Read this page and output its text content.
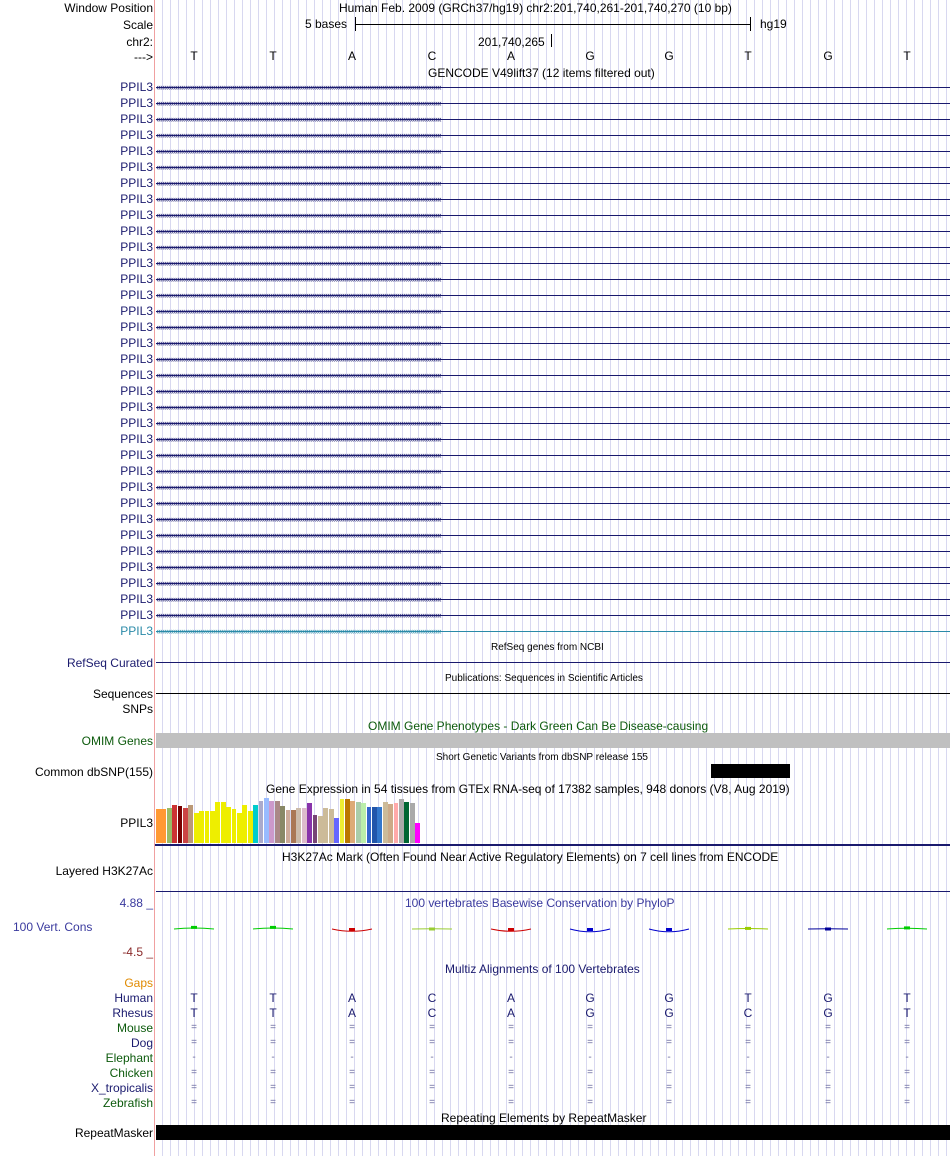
Window Position	Human Feb. 2009 (GRCh37/hg19) chr2:201,740,261-201,740,270 (10 bp)
Scale	5 bases	hg19
chr2:	201,740,265
--->	T	T	A	C	A	G	G	T	G	T
GENCODE V49lift37 (12 items filtered out)
PPIL3 ‹‹‹‹‹‹‹‹‹‹‹‹‹‹‹‹‹‹‹‹‹‹‹‹‹‹‹‹‹‹‹‹‹‹‹‹‹‹‹‹‹‹‹‹‹‹‹‹‹‹‹‹‹‹‹‹‹‹‹‹‹‹‹‹‹‹‹‹‹‹‹‹‹‹‹‹‹‹‹‹‹‹‹‹‹‹‹‹‹‹‹‹‹‹‹‹‹‹‹‹‹‹‹‹‹‹‹‹‹‹‹‹‹‹‹‹‹‹‹‹‹‹‹‹‹‹‹‹‹‹‹‹‹‹‹‹‹‹‹‹‹‹‹‹‹‹‹‹‹‹
PPIL3 ‹‹‹‹‹‹‹‹‹‹‹‹‹‹‹‹‹‹‹‹‹‹‹‹‹‹‹‹‹‹‹‹‹‹‹‹‹‹‹‹‹‹‹‹‹‹‹‹‹‹‹‹‹‹‹‹‹‹‹‹‹‹‹‹‹‹‹‹‹‹‹‹‹‹‹‹‹‹‹‹‹‹‹‹‹‹‹‹‹‹‹‹‹‹‹‹‹‹‹‹‹‹‹‹‹‹‹‹‹‹‹‹‹‹‹‹‹‹‹‹‹‹‹‹‹‹‹‹‹‹‹‹‹‹‹‹‹‹‹‹‹‹‹‹‹‹‹‹‹‹
PPIL3 ‹‹‹‹‹‹‹‹‹‹‹‹‹‹‹‹‹‹‹‹‹‹‹‹‹‹‹‹‹‹‹‹‹‹‹‹‹‹‹‹‹‹‹‹‹‹‹‹‹‹‹‹‹‹‹‹‹‹‹‹‹‹‹‹‹‹‹‹‹‹‹‹‹‹‹‹‹‹‹‹‹‹‹‹‹‹‹‹‹‹‹‹‹‹‹‹‹‹‹‹‹‹‹‹‹‹‹‹‹‹‹‹‹‹‹‹‹‹‹‹‹‹‹‹‹‹‹‹‹‹‹‹‹‹‹‹‹‹‹‹‹‹‹‹‹‹‹‹‹‹
PPIL3 ‹‹‹‹‹‹‹‹‹‹‹‹‹‹‹‹‹‹‹‹‹‹‹‹‹‹‹‹‹‹‹‹‹‹‹‹‹‹‹‹‹‹‹‹‹‹‹‹‹‹‹‹‹‹‹‹‹‹‹‹‹‹‹‹‹‹‹‹‹‹‹‹‹‹‹‹‹‹‹‹‹‹‹‹‹‹‹‹‹‹‹‹‹‹‹‹‹‹‹‹‹‹‹‹‹‹‹‹‹‹‹‹‹‹‹‹‹‹‹‹‹‹‹‹‹‹‹‹‹‹‹‹‹‹‹‹‹‹‹‹‹‹‹‹‹‹‹‹‹‹
PPIL3 ‹‹‹‹‹‹‹‹‹‹‹‹‹‹‹‹‹‹‹‹‹‹‹‹‹‹‹‹‹‹‹‹‹‹‹‹‹‹‹‹‹‹‹‹‹‹‹‹‹‹‹‹‹‹‹‹‹‹‹‹‹‹‹‹‹‹‹‹‹‹‹‹‹‹‹‹‹‹‹‹‹‹‹‹‹‹‹‹‹‹‹‹‹‹‹‹‹‹‹‹‹‹‹‹‹‹‹‹‹‹‹‹‹‹‹‹‹‹‹‹‹‹‹‹‹‹‹‹‹‹‹‹‹‹‹‹‹‹‹‹‹‹‹‹‹‹‹‹‹‹
PPIL3 ‹‹‹‹‹‹‹‹‹‹‹‹‹‹‹‹‹‹‹‹‹‹‹‹‹‹‹‹‹‹‹‹‹‹‹‹‹‹‹‹‹‹‹‹‹‹‹‹‹‹‹‹‹‹‹‹‹‹‹‹‹‹‹‹‹‹‹‹‹‹‹‹‹‹‹‹‹‹‹‹‹‹‹‹‹‹‹‹‹‹‹‹‹‹‹‹‹‹‹‹‹‹‹‹‹‹‹‹‹‹‹‹‹‹‹‹‹‹‹‹‹‹‹‹‹‹‹‹‹‹‹‹‹‹‹‹‹‹‹‹‹‹‹‹‹‹‹‹‹‹
PPIL3 ‹‹‹‹‹‹‹‹‹‹‹‹‹‹‹‹‹‹‹‹‹‹‹‹‹‹‹‹‹‹‹‹‹‹‹‹‹‹‹‹‹‹‹‹‹‹‹‹‹‹‹‹‹‹‹‹‹‹‹‹‹‹‹‹‹‹‹‹‹‹‹‹‹‹‹‹‹‹‹‹‹‹‹‹‹‹‹‹‹‹‹‹‹‹‹‹‹‹‹‹‹‹‹‹‹‹‹‹‹‹‹‹‹‹‹‹‹‹‹‹‹‹‹‹‹‹‹‹‹‹‹‹‹‹‹‹‹‹‹‹‹‹‹‹‹‹‹‹‹‹
PPIL3 ‹‹‹‹‹‹‹‹‹‹‹‹‹‹‹‹‹‹‹‹‹‹‹‹‹‹‹‹‹‹‹‹‹‹‹‹‹‹‹‹‹‹‹‹‹‹‹‹‹‹‹‹‹‹‹‹‹‹‹‹‹‹‹‹‹‹‹‹‹‹‹‹‹‹‹‹‹‹‹‹‹‹‹‹‹‹‹‹‹‹‹‹‹‹‹‹‹‹‹‹‹‹‹‹‹‹‹‹‹‹‹‹‹‹‹‹‹‹‹‹‹‹‹‹‹‹‹‹‹‹‹‹‹‹‹‹‹‹‹‹‹‹‹‹‹‹‹‹‹‹
PPIL3 ‹‹‹‹‹‹‹‹‹‹‹‹‹‹‹‹‹‹‹‹‹‹‹‹‹‹‹‹‹‹‹‹‹‹‹‹‹‹‹‹‹‹‹‹‹‹‹‹‹‹‹‹‹‹‹‹‹‹‹‹‹‹‹‹‹‹‹‹‹‹‹‹‹‹‹‹‹‹‹‹‹‹‹‹‹‹‹‹‹‹‹‹‹‹‹‹‹‹‹‹‹‹‹‹‹‹‹‹‹‹‹‹‹‹‹‹‹‹‹‹‹‹‹‹‹‹‹‹‹‹‹‹‹‹‹‹‹‹‹‹‹‹‹‹‹‹‹‹‹‹
PPIL3 ‹‹‹‹‹‹‹‹‹‹‹‹‹‹‹‹‹‹‹‹‹‹‹‹‹‹‹‹‹‹‹‹‹‹‹‹‹‹‹‹‹‹‹‹‹‹‹‹‹‹‹‹‹‹‹‹‹‹‹‹‹‹‹‹‹‹‹‹‹‹‹‹‹‹‹‹‹‹‹‹‹‹‹‹‹‹‹‹‹‹‹‹‹‹‹‹‹‹‹‹‹‹‹‹‹‹‹‹‹‹‹‹‹‹‹‹‹‹‹‹‹‹‹‹‹‹‹‹‹‹‹‹‹‹‹‹‹‹‹‹‹‹‹‹‹‹‹‹‹‹
PPIL3 ‹‹‹‹‹‹‹‹‹‹‹‹‹‹‹‹‹‹‹‹‹‹‹‹‹‹‹‹‹‹‹‹‹‹‹‹‹‹‹‹‹‹‹‹‹‹‹‹‹‹‹‹‹‹‹‹‹‹‹‹‹‹‹‹‹‹‹‹‹‹‹‹‹‹‹‹‹‹‹‹‹‹‹‹‹‹‹‹‹‹‹‹‹‹‹‹‹‹‹‹‹‹‹‹‹‹‹‹‹‹‹‹‹‹‹‹‹‹‹‹‹‹‹‹‹‹‹‹‹‹‹‹‹‹‹‹‹‹‹‹‹‹‹‹‹‹‹‹‹‹
PPIL3 ‹‹‹‹‹‹‹‹‹‹‹‹‹‹‹‹‹‹‹‹‹‹‹‹‹‹‹‹‹‹‹‹‹‹‹‹‹‹‹‹‹‹‹‹‹‹‹‹‹‹‹‹‹‹‹‹‹‹‹‹‹‹‹‹‹‹‹‹‹‹‹‹‹‹‹‹‹‹‹‹‹‹‹‹‹‹‹‹‹‹‹‹‹‹‹‹‹‹‹‹‹‹‹‹‹‹‹‹‹‹‹‹‹‹‹‹‹‹‹‹‹‹‹‹‹‹‹‹‹‹‹‹‹‹‹‹‹‹‹‹‹‹‹‹‹‹‹‹‹‹
PPIL3 ‹‹‹‹‹‹‹‹‹‹‹‹‹‹‹‹‹‹‹‹‹‹‹‹‹‹‹‹‹‹‹‹‹‹‹‹‹‹‹‹‹‹‹‹‹‹‹‹‹‹‹‹‹‹‹‹‹‹‹‹‹‹‹‹‹‹‹‹‹‹‹‹‹‹‹‹‹‹‹‹‹‹‹‹‹‹‹‹‹‹‹‹‹‹‹‹‹‹‹‹‹‹‹‹‹‹‹‹‹‹‹‹‹‹‹‹‹‹‹‹‹‹‹‹‹‹‹‹‹‹‹‹‹‹‹‹‹‹‹‹‹‹‹‹‹‹‹‹‹‹
PPIL3 ‹‹‹‹‹‹‹‹‹‹‹‹‹‹‹‹‹‹‹‹‹‹‹‹‹‹‹‹‹‹‹‹‹‹‹‹‹‹‹‹‹‹‹‹‹‹‹‹‹‹‹‹‹‹‹‹‹‹‹‹‹‹‹‹‹‹‹‹‹‹‹‹‹‹‹‹‹‹‹‹‹‹‹‹‹‹‹‹‹‹‹‹‹‹‹‹‹‹‹‹‹‹‹‹‹‹‹‹‹‹‹‹‹‹‹‹‹‹‹‹‹‹‹‹‹‹‹‹‹‹‹‹‹‹‹‹‹‹‹‹‹‹‹‹‹‹‹‹‹‹
PPIL3 ‹‹‹‹‹‹‹‹‹‹‹‹‹‹‹‹‹‹‹‹‹‹‹‹‹‹‹‹‹‹‹‹‹‹‹‹‹‹‹‹‹‹‹‹‹‹‹‹‹‹‹‹‹‹‹‹‹‹‹‹‹‹‹‹‹‹‹‹‹‹‹‹‹‹‹‹‹‹‹‹‹‹‹‹‹‹‹‹‹‹‹‹‹‹‹‹‹‹‹‹‹‹‹‹‹‹‹‹‹‹‹‹‹‹‹‹‹‹‹‹‹‹‹‹‹‹‹‹‹‹‹‹‹‹‹‹‹‹‹‹‹‹‹‹‹‹‹‹‹‹
PPIL3 ‹‹‹‹‹‹‹‹‹‹‹‹‹‹‹‹‹‹‹‹‹‹‹‹‹‹‹‹‹‹‹‹‹‹‹‹‹‹‹‹‹‹‹‹‹‹‹‹‹‹‹‹‹‹‹‹‹‹‹‹‹‹‹‹‹‹‹‹‹‹‹‹‹‹‹‹‹‹‹‹‹‹‹‹‹‹‹‹‹‹‹‹‹‹‹‹‹‹‹‹‹‹‹‹‹‹‹‹‹‹‹‹‹‹‹‹‹‹‹‹‹‹‹‹‹‹‹‹‹‹‹‹‹‹‹‹‹‹‹‹‹‹‹‹‹‹‹‹‹‹
PPIL3 ‹‹‹‹‹‹‹‹‹‹‹‹‹‹‹‹‹‹‹‹‹‹‹‹‹‹‹‹‹‹‹‹‹‹‹‹‹‹‹‹‹‹‹‹‹‹‹‹‹‹‹‹‹‹‹‹‹‹‹‹‹‹‹‹‹‹‹‹‹‹‹‹‹‹‹‹‹‹‹‹‹‹‹‹‹‹‹‹‹‹‹‹‹‹‹‹‹‹‹‹‹‹‹‹‹‹‹‹‹‹‹‹‹‹‹‹‹‹‹‹‹‹‹‹‹‹‹‹‹‹‹‹‹‹‹‹‹‹‹‹‹‹‹‹‹‹‹‹‹‹
PPIL3 ‹‹‹‹‹‹‹‹‹‹‹‹‹‹‹‹‹‹‹‹‹‹‹‹‹‹‹‹‹‹‹‹‹‹‹‹‹‹‹‹‹‹‹‹‹‹‹‹‹‹‹‹‹‹‹‹‹‹‹‹‹‹‹‹‹‹‹‹‹‹‹‹‹‹‹‹‹‹‹‹‹‹‹‹‹‹‹‹‹‹‹‹‹‹‹‹‹‹‹‹‹‹‹‹‹‹‹‹‹‹‹‹‹‹‹‹‹‹‹‹‹‹‹‹‹‹‹‹‹‹‹‹‹‹‹‹‹‹‹‹‹‹‹‹‹‹‹‹‹‹
PPIL3 ‹‹‹‹‹‹‹‹‹‹‹‹‹‹‹‹‹‹‹‹‹‹‹‹‹‹‹‹‹‹‹‹‹‹‹‹‹‹‹‹‹‹‹‹‹‹‹‹‹‹‹‹‹‹‹‹‹‹‹‹‹‹‹‹‹‹‹‹‹‹‹‹‹‹‹‹‹‹‹‹‹‹‹‹‹‹‹‹‹‹‹‹‹‹‹‹‹‹‹‹‹‹‹‹‹‹‹‹‹‹‹‹‹‹‹‹‹‹‹‹‹‹‹‹‹‹‹‹‹‹‹‹‹‹‹‹‹‹‹‹‹‹‹‹‹‹‹‹‹‹
PPIL3 ‹‹‹‹‹‹‹‹‹‹‹‹‹‹‹‹‹‹‹‹‹‹‹‹‹‹‹‹‹‹‹‹‹‹‹‹‹‹‹‹‹‹‹‹‹‹‹‹‹‹‹‹‹‹‹‹‹‹‹‹‹‹‹‹‹‹‹‹‹‹‹‹‹‹‹‹‹‹‹‹‹‹‹‹‹‹‹‹‹‹‹‹‹‹‹‹‹‹‹‹‹‹‹‹‹‹‹‹‹‹‹‹‹‹‹‹‹‹‹‹‹‹‹‹‹‹‹‹‹‹‹‹‹‹‹‹‹‹‹‹‹‹‹‹‹‹‹‹‹‹
PPIL3 ‹‹‹‹‹‹‹‹‹‹‹‹‹‹‹‹‹‹‹‹‹‹‹‹‹‹‹‹‹‹‹‹‹‹‹‹‹‹‹‹‹‹‹‹‹‹‹‹‹‹‹‹‹‹‹‹‹‹‹‹‹‹‹‹‹‹‹‹‹‹‹‹‹‹‹‹‹‹‹‹‹‹‹‹‹‹‹‹‹‹‹‹‹‹‹‹‹‹‹‹‹‹‹‹‹‹‹‹‹‹‹‹‹‹‹‹‹‹‹‹‹‹‹‹‹‹‹‹‹‹‹‹‹‹‹‹‹‹‹‹‹‹‹‹‹‹‹‹‹‹
PPIL3 ‹‹‹‹‹‹‹‹‹‹‹‹‹‹‹‹‹‹‹‹‹‹‹‹‹‹‹‹‹‹‹‹‹‹‹‹‹‹‹‹‹‹‹‹‹‹‹‹‹‹‹‹‹‹‹‹‹‹‹‹‹‹‹‹‹‹‹‹‹‹‹‹‹‹‹‹‹‹‹‹‹‹‹‹‹‹‹‹‹‹‹‹‹‹‹‹‹‹‹‹‹‹‹‹‹‹‹‹‹‹‹‹‹‹‹‹‹‹‹‹‹‹‹‹‹‹‹‹‹‹‹‹‹‹‹‹‹‹‹‹‹‹‹‹‹‹‹‹‹‹
PPIL3 ‹‹‹‹‹‹‹‹‹‹‹‹‹‹‹‹‹‹‹‹‹‹‹‹‹‹‹‹‹‹‹‹‹‹‹‹‹‹‹‹‹‹‹‹‹‹‹‹‹‹‹‹‹‹‹‹‹‹‹‹‹‹‹‹‹‹‹‹‹‹‹‹‹‹‹‹‹‹‹‹‹‹‹‹‹‹‹‹‹‹‹‹‹‹‹‹‹‹‹‹‹‹‹‹‹‹‹‹‹‹‹‹‹‹‹‹‹‹‹‹‹‹‹‹‹‹‹‹‹‹‹‹‹‹‹‹‹‹‹‹‹‹‹‹‹‹‹‹‹‹
PPIL3 ‹‹‹‹‹‹‹‹‹‹‹‹‹‹‹‹‹‹‹‹‹‹‹‹‹‹‹‹‹‹‹‹‹‹‹‹‹‹‹‹‹‹‹‹‹‹‹‹‹‹‹‹‹‹‹‹‹‹‹‹‹‹‹‹‹‹‹‹‹‹‹‹‹‹‹‹‹‹‹‹‹‹‹‹‹‹‹‹‹‹‹‹‹‹‹‹‹‹‹‹‹‹‹‹‹‹‹‹‹‹‹‹‹‹‹‹‹‹‹‹‹‹‹‹‹‹‹‹‹‹‹‹‹‹‹‹‹‹‹‹‹‹‹‹‹‹‹‹‹‹
PPIL3 ‹‹‹‹‹‹‹‹‹‹‹‹‹‹‹‹‹‹‹‹‹‹‹‹‹‹‹‹‹‹‹‹‹‹‹‹‹‹‹‹‹‹‹‹‹‹‹‹‹‹‹‹‹‹‹‹‹‹‹‹‹‹‹‹‹‹‹‹‹‹‹‹‹‹‹‹‹‹‹‹‹‹‹‹‹‹‹‹‹‹‹‹‹‹‹‹‹‹‹‹‹‹‹‹‹‹‹‹‹‹‹‹‹‹‹‹‹‹‹‹‹‹‹‹‹‹‹‹‹‹‹‹‹‹‹‹‹‹‹‹‹‹‹‹‹‹‹‹‹‹
PPIL3 ‹‹‹‹‹‹‹‹‹‹‹‹‹‹‹‹‹‹‹‹‹‹‹‹‹‹‹‹‹‹‹‹‹‹‹‹‹‹‹‹‹‹‹‹‹‹‹‹‹‹‹‹‹‹‹‹‹‹‹‹‹‹‹‹‹‹‹‹‹‹‹‹‹‹‹‹‹‹‹‹‹‹‹‹‹‹‹‹‹‹‹‹‹‹‹‹‹‹‹‹‹‹‹‹‹‹‹‹‹‹‹‹‹‹‹‹‹‹‹‹‹‹‹‹‹‹‹‹‹‹‹‹‹‹‹‹‹‹‹‹‹‹‹‹‹‹‹‹‹‹
PPIL3 ‹‹‹‹‹‹‹‹‹‹‹‹‹‹‹‹‹‹‹‹‹‹‹‹‹‹‹‹‹‹‹‹‹‹‹‹‹‹‹‹‹‹‹‹‹‹‹‹‹‹‹‹‹‹‹‹‹‹‹‹‹‹‹‹‹‹‹‹‹‹‹‹‹‹‹‹‹‹‹‹‹‹‹‹‹‹‹‹‹‹‹‹‹‹‹‹‹‹‹‹‹‹‹‹‹‹‹‹‹‹‹‹‹‹‹‹‹‹‹‹‹‹‹‹‹‹‹‹‹‹‹‹‹‹‹‹‹‹‹‹‹‹‹‹‹‹‹‹‹‹
PPIL3 ‹‹‹‹‹‹‹‹‹‹‹‹‹‹‹‹‹‹‹‹‹‹‹‹‹‹‹‹‹‹‹‹‹‹‹‹‹‹‹‹‹‹‹‹‹‹‹‹‹‹‹‹‹‹‹‹‹‹‹‹‹‹‹‹‹‹‹‹‹‹‹‹‹‹‹‹‹‹‹‹‹‹‹‹‹‹‹‹‹‹‹‹‹‹‹‹‹‹‹‹‹‹‹‹‹‹‹‹‹‹‹‹‹‹‹‹‹‹‹‹‹‹‹‹‹‹‹‹‹‹‹‹‹‹‹‹‹‹‹‹‹‹‹‹‹‹‹‹‹‹
PPIL3 ‹‹‹‹‹‹‹‹‹‹‹‹‹‹‹‹‹‹‹‹‹‹‹‹‹‹‹‹‹‹‹‹‹‹‹‹‹‹‹‹‹‹‹‹‹‹‹‹‹‹‹‹‹‹‹‹‹‹‹‹‹‹‹‹‹‹‹‹‹‹‹‹‹‹‹‹‹‹‹‹‹‹‹‹‹‹‹‹‹‹‹‹‹‹‹‹‹‹‹‹‹‹‹‹‹‹‹‹‹‹‹‹‹‹‹‹‹‹‹‹‹‹‹‹‹‹‹‹‹‹‹‹‹‹‹‹‹‹‹‹‹‹‹‹‹‹‹‹‹‹
PPIL3 ‹‹‹‹‹‹‹‹‹‹‹‹‹‹‹‹‹‹‹‹‹‹‹‹‹‹‹‹‹‹‹‹‹‹‹‹‹‹‹‹‹‹‹‹‹‹‹‹‹‹‹‹‹‹‹‹‹‹‹‹‹‹‹‹‹‹‹‹‹‹‹‹‹‹‹‹‹‹‹‹‹‹‹‹‹‹‹‹‹‹‹‹‹‹‹‹‹‹‹‹‹‹‹‹‹‹‹‹‹‹‹‹‹‹‹‹‹‹‹‹‹‹‹‹‹‹‹‹‹‹‹‹‹‹‹‹‹‹‹‹‹‹‹‹‹‹‹‹‹‹
PPIL3 ‹‹‹‹‹‹‹‹‹‹‹‹‹‹‹‹‹‹‹‹‹‹‹‹‹‹‹‹‹‹‹‹‹‹‹‹‹‹‹‹‹‹‹‹‹‹‹‹‹‹‹‹‹‹‹‹‹‹‹‹‹‹‹‹‹‹‹‹‹‹‹‹‹‹‹‹‹‹‹‹‹‹‹‹‹‹‹‹‹‹‹‹‹‹‹‹‹‹‹‹‹‹‹‹‹‹‹‹‹‹‹‹‹‹‹‹‹‹‹‹‹‹‹‹‹‹‹‹‹‹‹‹‹‹‹‹‹‹‹‹‹‹‹‹‹‹‹‹‹‹
PPIL3 ‹‹‹‹‹‹‹‹‹‹‹‹‹‹‹‹‹‹‹‹‹‹‹‹‹‹‹‹‹‹‹‹‹‹‹‹‹‹‹‹‹‹‹‹‹‹‹‹‹‹‹‹‹‹‹‹‹‹‹‹‹‹‹‹‹‹‹‹‹‹‹‹‹‹‹‹‹‹‹‹‹‹‹‹‹‹‹‹‹‹‹‹‹‹‹‹‹‹‹‹‹‹‹‹‹‹‹‹‹‹‹‹‹‹‹‹‹‹‹‹‹‹‹‹‹‹‹‹‹‹‹‹‹‹‹‹‹‹‹‹‹‹‹‹‹‹‹‹‹‹
PPIL3 ‹‹‹‹‹‹‹‹‹‹‹‹‹‹‹‹‹‹‹‹‹‹‹‹‹‹‹‹‹‹‹‹‹‹‹‹‹‹‹‹‹‹‹‹‹‹‹‹‹‹‹‹‹‹‹‹‹‹‹‹‹‹‹‹‹‹‹‹‹‹‹‹‹‹‹‹‹‹‹‹‹‹‹‹‹‹‹‹‹‹‹‹‹‹‹‹‹‹‹‹‹‹‹‹‹‹‹‹‹‹‹‹‹‹‹‹‹‹‹‹‹‹‹‹‹‹‹‹‹‹‹‹‹‹‹‹‹‹‹‹‹‹‹‹‹‹‹‹‹‹
PPIL3 ‹‹‹‹‹‹‹‹‹‹‹‹‹‹‹‹‹‹‹‹‹‹‹‹‹‹‹‹‹‹‹‹‹‹‹‹‹‹‹‹‹‹‹‹‹‹‹‹‹‹‹‹‹‹‹‹‹‹‹‹‹‹‹‹‹‹‹‹‹‹‹‹‹‹‹‹‹‹‹‹‹‹‹‹‹‹‹‹‹‹‹‹‹‹‹‹‹‹‹‹‹‹‹‹‹‹‹‹‹‹‹‹‹‹‹‹‹‹‹‹‹‹‹‹‹‹‹‹‹‹‹‹‹‹‹‹‹‹‹‹‹‹‹‹‹‹‹‹‹‹
PPIL3 ‹‹‹‹‹‹‹‹‹‹‹‹‹‹‹‹‹‹‹‹‹‹‹‹‹‹‹‹‹‹‹‹‹‹‹‹‹‹‹‹‹‹‹‹‹‹‹‹‹‹‹‹‹‹‹‹‹‹‹‹‹‹‹‹‹‹‹‹‹‹‹‹‹‹‹‹‹‹‹‹‹‹‹‹‹‹‹‹‹‹‹‹‹‹‹‹‹‹‹‹‹‹‹‹‹‹‹‹‹‹‹‹‹‹‹‹‹‹‹‹‹‹‹‹‹‹‹‹‹‹‹‹‹‹‹‹‹‹‹‹‹‹‹‹‹‹‹‹‹‹
RefSeq genes from NCBI
RefSeq Curated
Publications: Sequences in Scientific Articles
Sequences
SNPs
OMIM Gene Phenotypes - Dark Green Can Be Disease-causing
OMIM Genes
Short Genetic Variants from dbSNP release 155
Common dbSNP(155)
Gene Expression in 54 tissues from GTEx RNA-seq of 17382 samples, 948 donors (V8, Aug 2019)
PPIL3
H3K27Ac Mark (Often Found Near Active Regulatory Elements) on 7 cell lines from ENCODE
Layered H3K27Ac
100 vertebrates Basewise Conservation by PhyloP
4.88 _
100 Vert. Cons
-4.5 _
Multiz Alignments of 100 Vertebrates
Gaps
Human	T	T	A	C	A	G	G	T	G	T
Rhesus	T	T	A	C	A	G	G	C	G	T
Mouse	=	=	=	=	=	=	=	=	=	=
Dog	=	=	=	=	=	=	=	=	=	=
Elephant	-	-	-	-	-	-	-	-	-	-
Chicken	=	=	=	=	=	=	=	=	=	=
X_tropicalis	=	=	=	=	=	=	=	=	=	=
Zebrafish	=	=	=	=	=	=	=	=	=	=
Repeating Elements by RepeatMasker
RepeatMasker
